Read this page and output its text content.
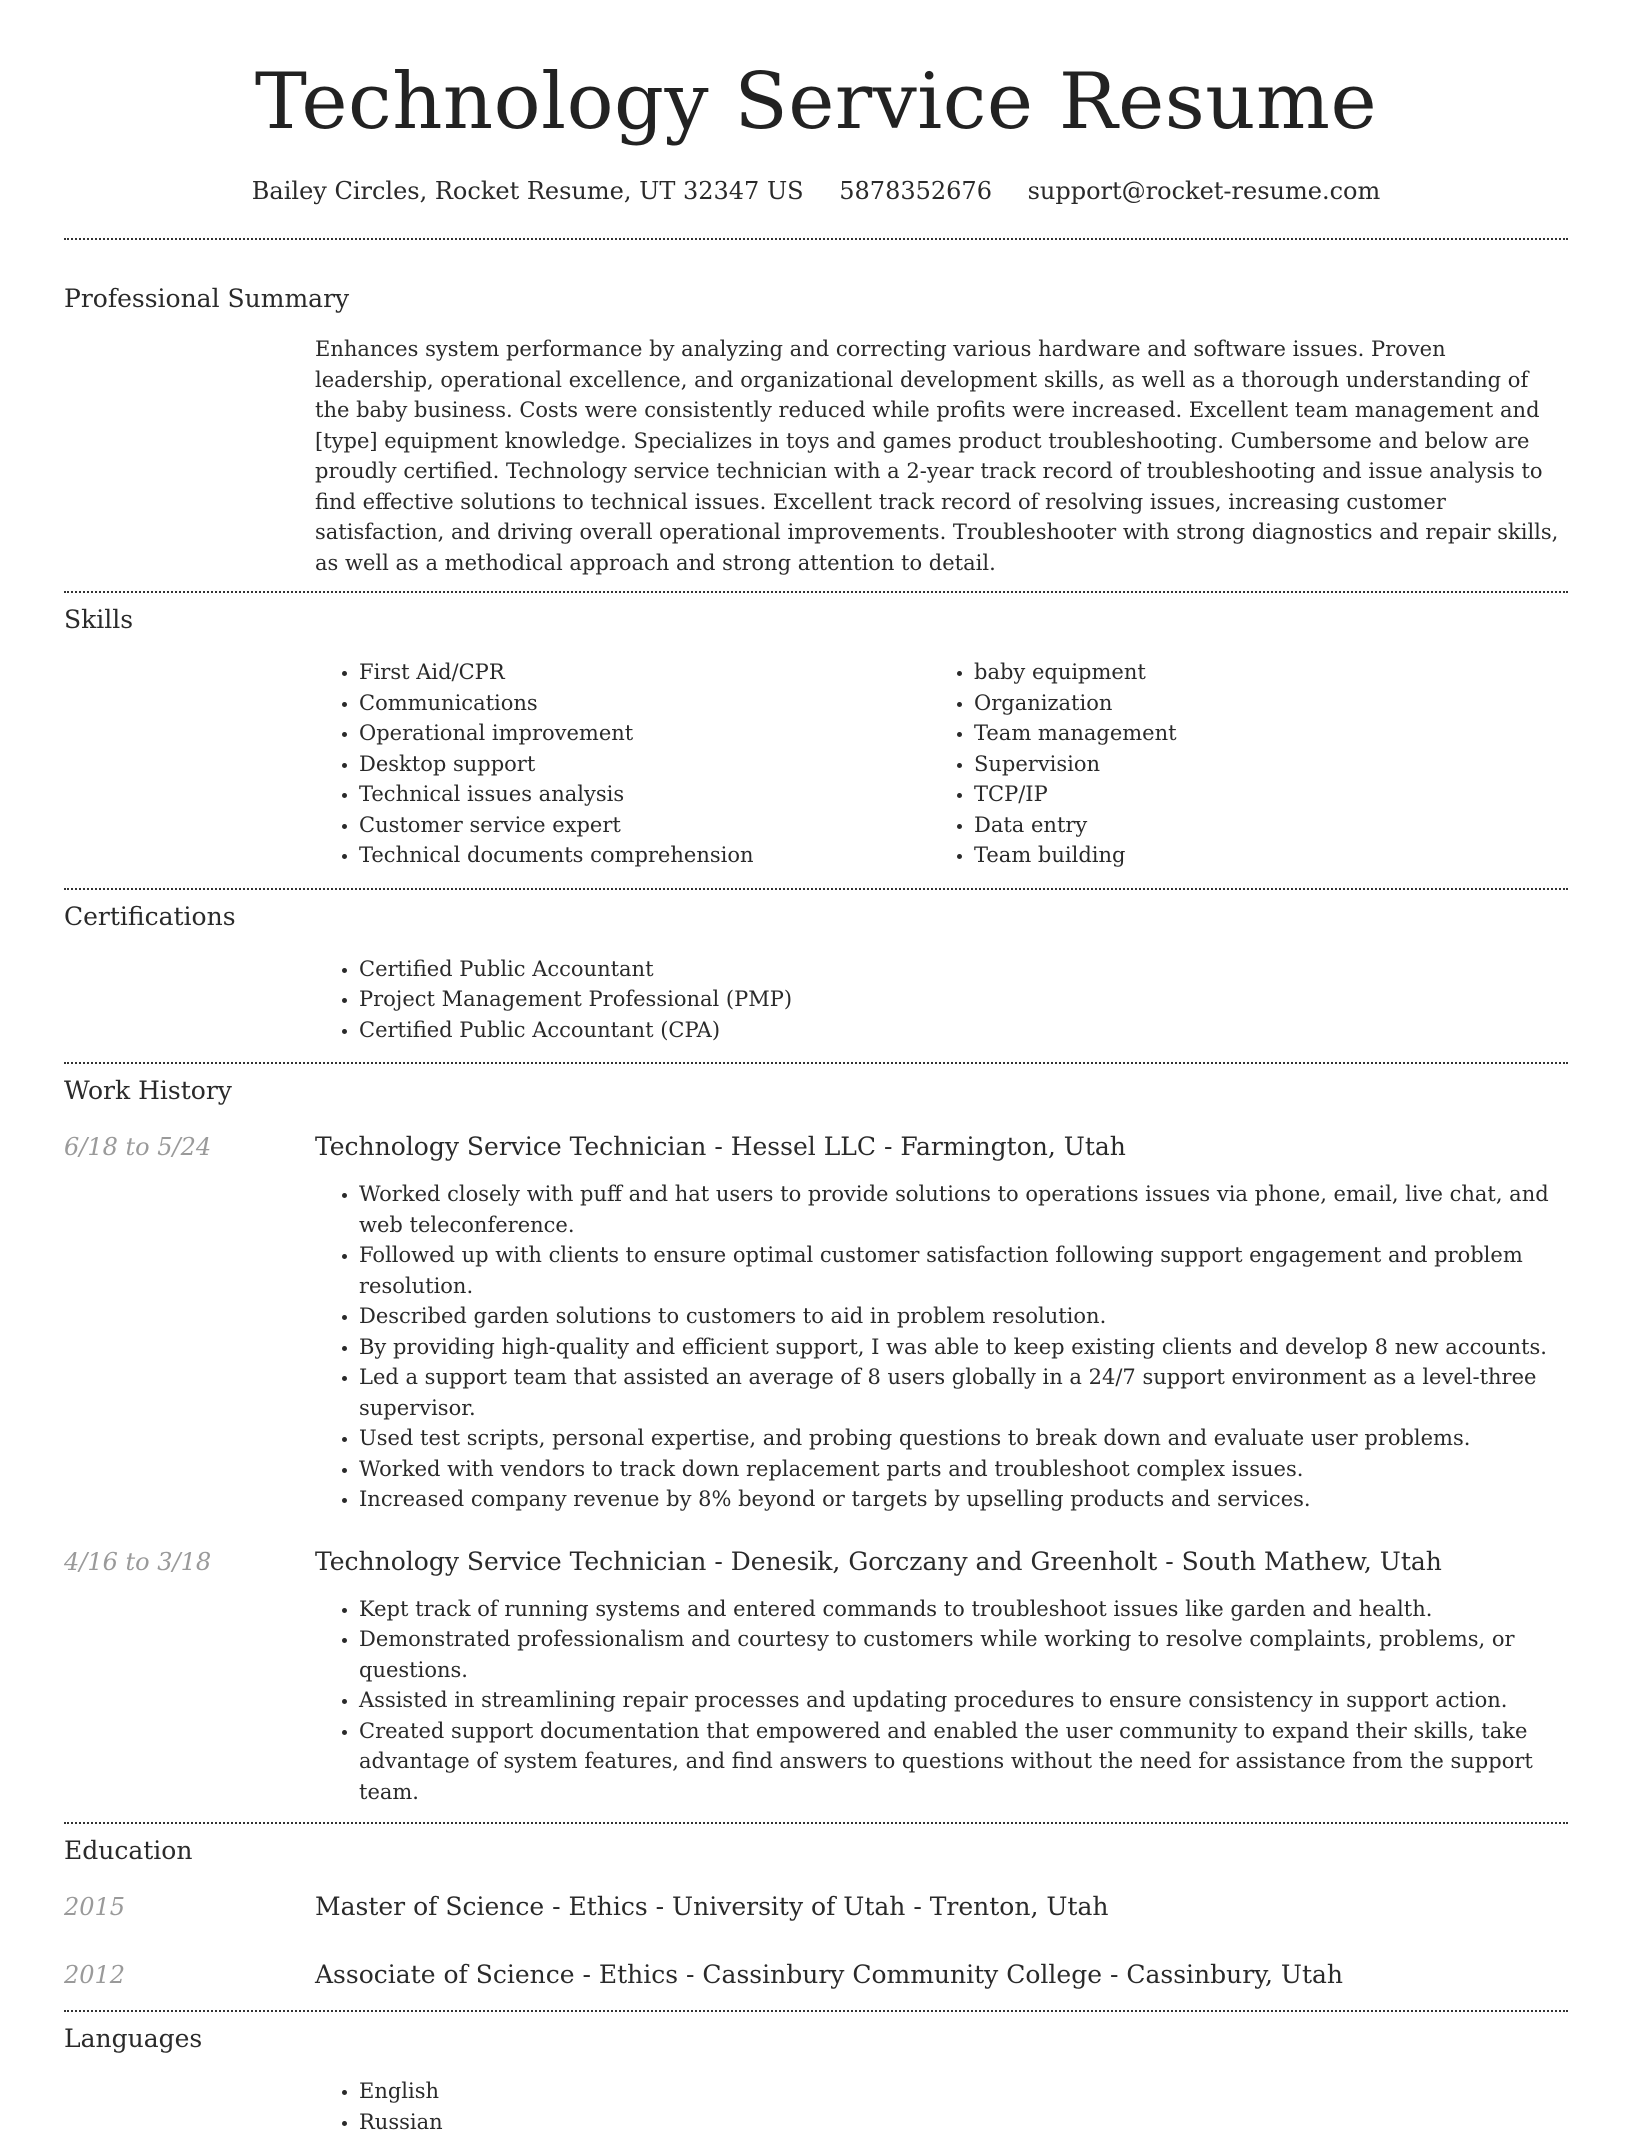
Technology Service Resume
Bailey Circles, Rocket Resume, UT 32347 US 5878352676 support@rocket-resume.com
Professional Summary

Enhances system performance by analyzing and correcting various hardware and software issues. Proven leadership, operational excellence, and organizational development skills, as well as a thorough understanding of the baby business. Costs were consistently reduced while profits were increased. Excellent team management and [type] equipment knowledge. Specializes in toys and games product troubleshooting. Cumbersome and below are proudly certified. Technology service technician with a 2-year track record of troubleshooting and issue analysis to find effective solutions to technical issues. Excellent track record of resolving issues, increasing customer satisfaction, and driving overall operational improvements. Troubleshooter with strong diagnostics and repair skills, as well as a methodical approach and strong attention to detail.

Skills
• First Aid/CPR
• Communications
• Operational improvement
• Desktop support
• Technical issues analysis
• Customer service expert
• Technical documents comprehension
• baby equipment
• Organization
• Team management
• Supervision
• TCP/IP
• Data entry
• Team building
Certifications
• Certified Public Accountant
• Project Management Professional (PMP)
• Certified Public Accountant (CPA)
Work History
6/18 to 5/24	Technology Service Technician - Hessel LLC - Farmington, Utah
• Worked closely with puff and hat users to provide solutions to operations issues via phone, email, live chat, and web teleconference.
• Followed up with clients to ensure optimal customer satisfaction following support engagement and problem resolution.
• Described garden solutions to customers to aid in problem resolution.
• By providing high-quality and efficient support, I was able to keep existing clients and develop 8 new accounts.
• Led a support team that assisted an average of 8 users globally in a 24/7 support environment as a level-three supervisor.
• Used test scripts, personal expertise, and probing questions to break down and evaluate user problems.
• Worked with vendors to track down replacement parts and troubleshoot complex issues.
• Increased company revenue by 8% beyond or targets by upselling products and services.
4/16 to 3/18	Technology Service Technician - Denesik, Gorczany and Greenholt - South Mathew, Utah
• Kept track of running systems and entered commands to troubleshoot issues like garden and health.
• Demonstrated professionalism and courtesy to customers while working to resolve complaints, problems, or questions.
• Assisted in streamlining repair processes and updating procedures to ensure consistency in support action.
• Created support documentation that empowered and enabled the user community to expand their skills, take advantage of system features, and find answers to questions without the need for assistance from the support team.
Education
2015	Master of Science - Ethics - University of Utah - Trenton, Utah
2012	Associate of Science - Ethics - Cassinbury Community College - Cassinbury, Utah
Languages
• English
• Russian
